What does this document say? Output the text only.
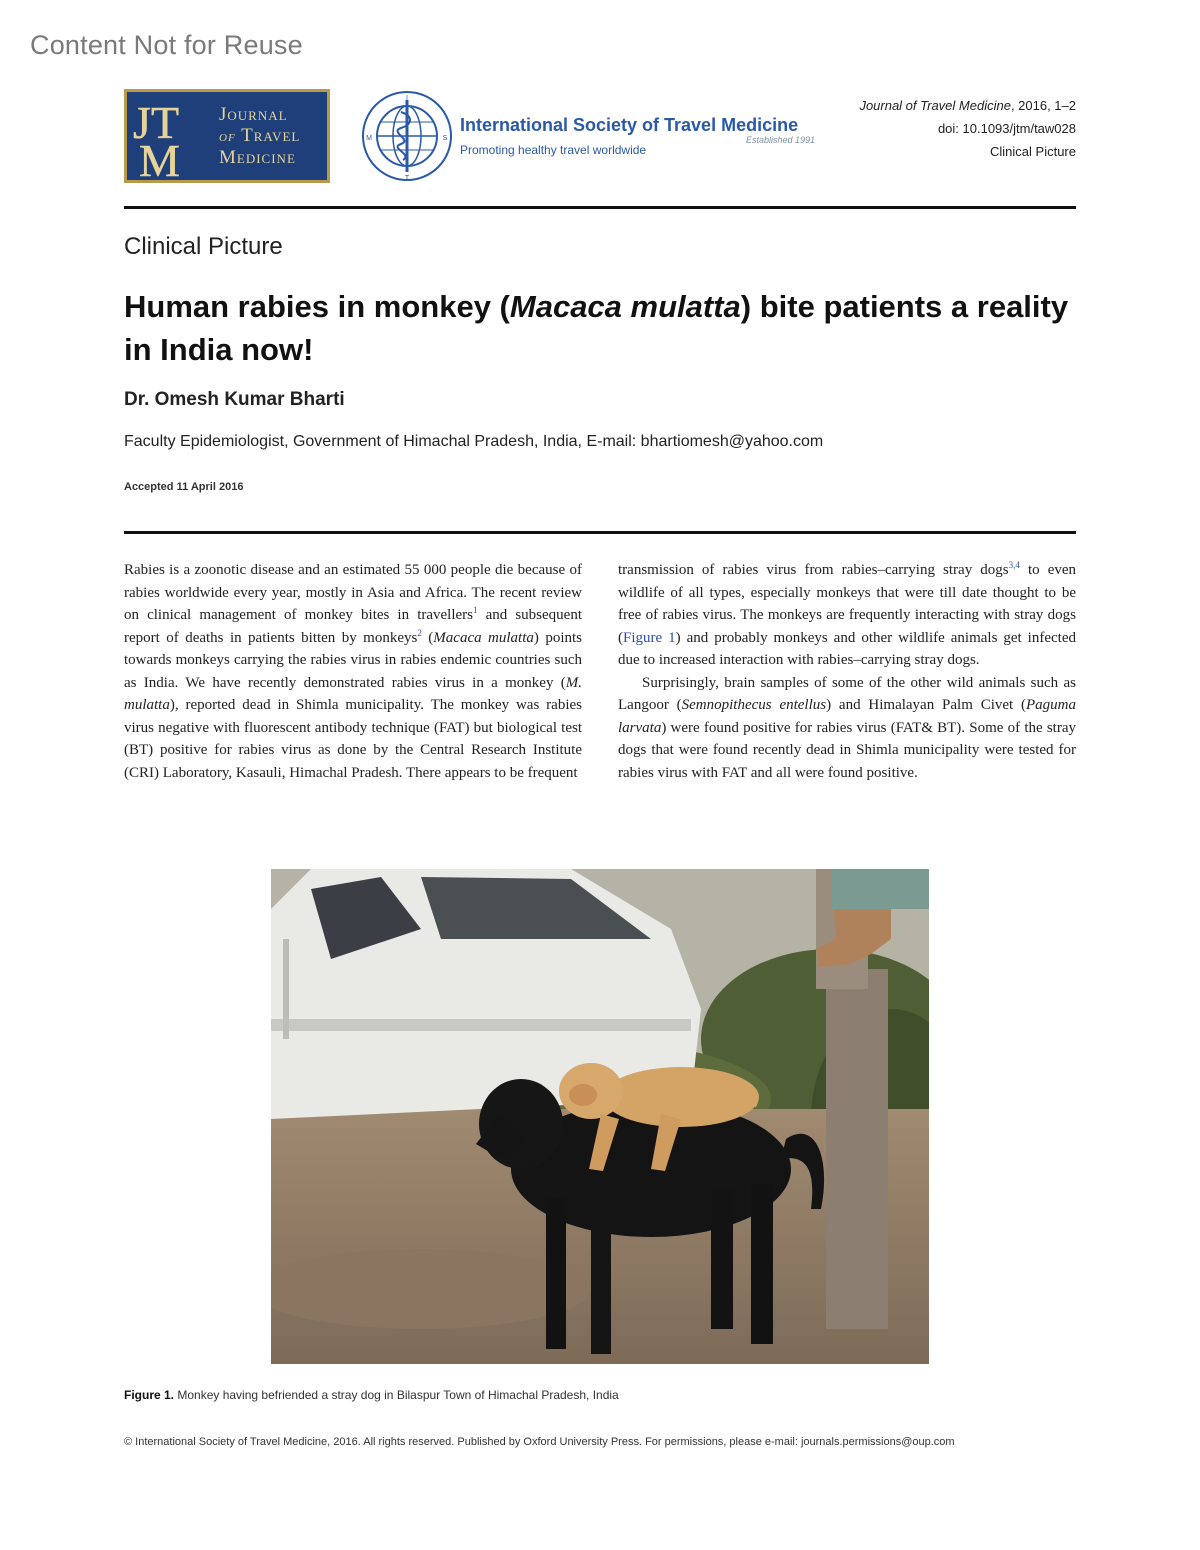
Content Not for Reuse
J T
M
Journal
of Travel
Medicine
I
S
T
M
International Society of Travel Medicine
Promoting healthy travel worldwide
Established 1991
Journal of Travel Medicine, 2016, 1–2
doi: 10.1093/jtm/taw028
Clinical Picture
Clinical Picture
Human rabies in monkey (Macaca mulatta) bite patients a reality in India now!
Dr. Omesh Kumar Bharti
Faculty Epidemiologist, Government of Himachal Pradesh, India, E-mail: bhartiomesh@yahoo.com
Accepted 11 April 2016

Rabies is a zoonotic disease and an estimated 55 000 people die because of rabies worldwide every year, mostly in Asia and Africa. The recent review on clinical management of monkey bites in travellers$^1$ and subsequent report of deaths in patients bitten by monkeys$^2$ (Macaca mulatta) points towards monkeys carrying the rabies virus in rabies endemic countries such as India. We have recently demonstrated rabies virus in a monkey (M. mulatta), reported dead in Shimla municipality. The monkey was rabies virus negative with fluorescent antibody technique (FAT) but biological test (BT) positive for rabies virus as done by the Central Research Institute (CRI) Laboratory, Kasauli, Himachal Pradesh. There appears to be frequent

transmission of rabies virus from rabies–carrying stray dogs$^{3,4}$ to even wildlife of all types, especially monkeys that were till date thought to be free of rabies virus. The monkeys are frequently interacting with stray dogs (Figure 1) and probably monkeys and other wildlife animals get infected due to increased interaction with rabies–carrying stray dogs.

Surprisingly, brain samples of some of the other wild animals such as Langoor (Semnopithecus entellus) and Himalayan Palm Civet (Paguma larvata) were found positive for rabies virus (FAT& BT). Some of the stray dogs that were found recently dead in Shimla municipality were tested for rabies virus with FAT and all were found positive.

Figure 1. Monkey having befriended a stray dog in Bilaspur Town of Himachal Pradesh, India
© International Society of Travel Medicine, 2016. All rights reserved. Published by Oxford University Press. For permissions, please e-mail: journals.permissions@oup.com
